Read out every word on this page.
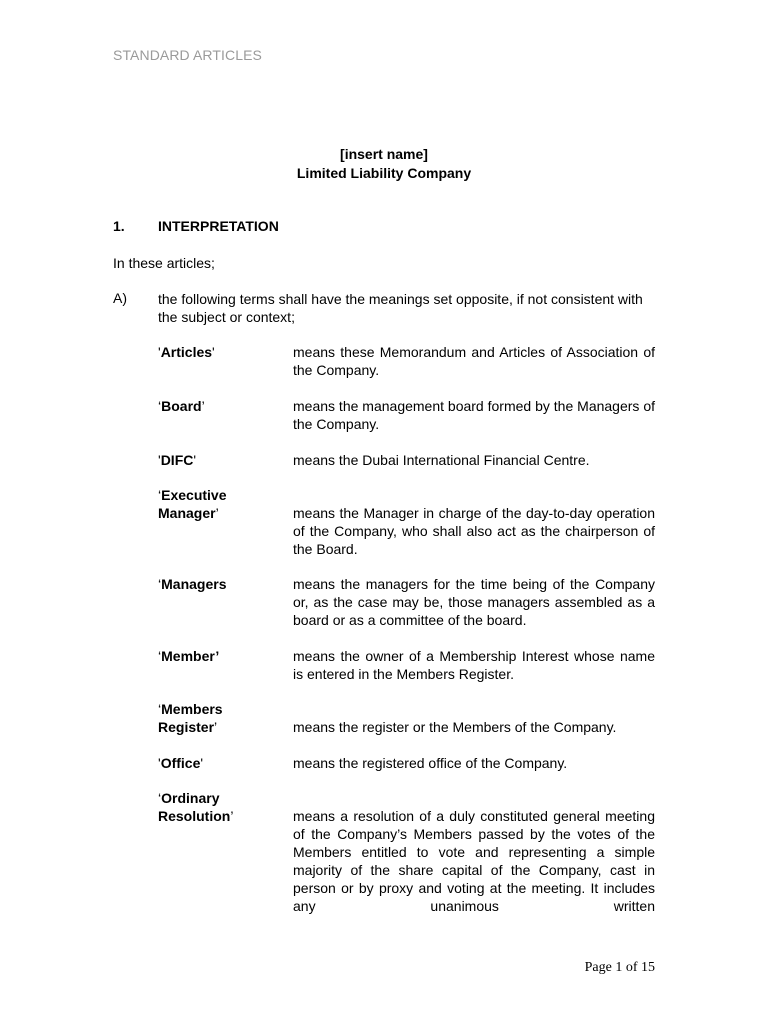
STANDARD ARTICLES
[insert name]
Limited Liability Company
1. INTERPRETATION
In these articles;
A) the following terms shall have the meanings set opposite, if not consistent with the subject or context;
'Articles'	means these Memorandum and Articles of Association of the Company.
‘Board’	means the management board formed by the Managers of the Company.
'DIFC'	means the Dubai International Financial Centre.
‘Executive Manager’	means the Manager in charge of the day-to-day operation of the Company, who shall also act as the chairperson of the Board.
‘Managers	means the managers for the time being of the Company or, as the case may be, those managers assembled as a board or as a committee of the board.
‘Member’	means the owner of a Membership Interest whose name is entered in the Members Register.
‘Members Register’	means the register or the Members of the Company.
'Office'	means the registered office of the Company.
‘Ordinary Resolution’	means a resolution of a duly constituted general meeting of the Company’s Members passed by the votes of the Members entitled to vote and representing a simple majority of the share capital of the Company, cast in person or by proxy and voting at the meeting. It includes any unanimous written
Page 1 of 15
